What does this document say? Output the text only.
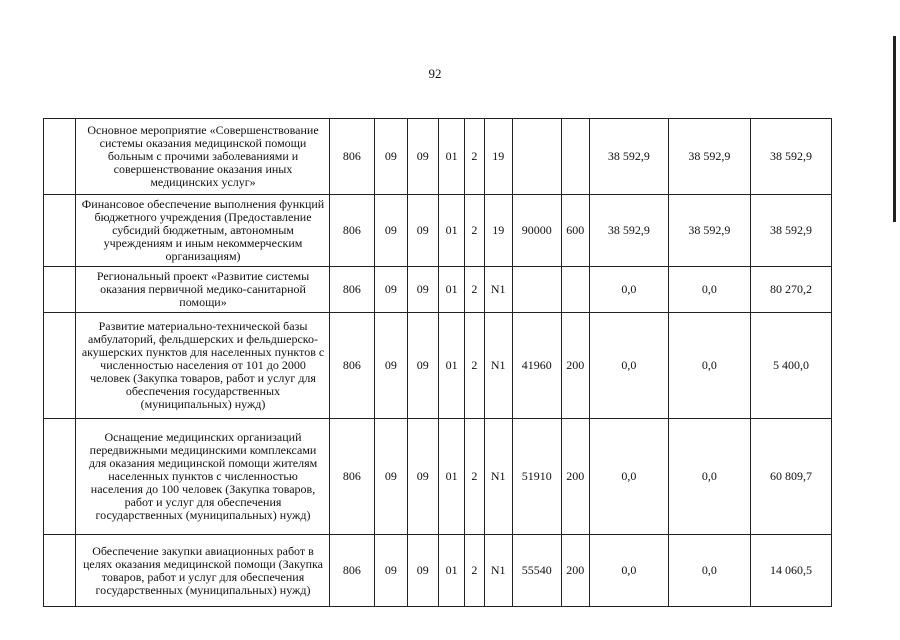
92
	Основное мероприятие «Совершенствование системы оказания медицинской помощи больным с прочими заболеваниями и совершенствование оказания иных медицинских услуг»	806	09	09	01	2	19			38 592,9	38 592,9	38 592,9
	Финансовое обеспечение выполнения функций бюджетного учреждения (Предоставление субсидий бюджетным, автономным учреждениям и иным некоммерческим организациям)	806	09	09	01	2	19	90000	600	38 592,9	38 592,9	38 592,9
	Региональный проект «Развитие системы оказания первичной медико-санитарной помощи»	806	09	09	01	2	N1			0,0	0,0	80 270,2
	Развитие материально-технической базы амбулаторий, фельдшерских и фельдшерско-акушерских пунктов для населенных пунктов с численностью населения от 101 до 2000 человек (Закупка товаров, работ и услуг для обеспечения государственных (муниципальных) нужд)	806	09	09	01	2	N1	41960	200	0,0	0,0	5 400,0
	Оснащение медицинских организаций передвижными медицинскими комплексами для оказания медицинской помощи жителям населенных пунктов с численностью населения до 100 человек (Закупка товаров, работ и услуг для обеспечения государственных (муниципальных) нужд)	806	09	09	01	2	N1	51910	200	0,0	0,0	60 809,7
	Обеспечение закупки авиационных работ в целях оказания медицинской помощи (Закупка товаров, работ и услуг для обеспечения государственных (муниципальных) нужд)	806	09	09	01	2	N1	55540	200	0,0	0,0	14 060,5
